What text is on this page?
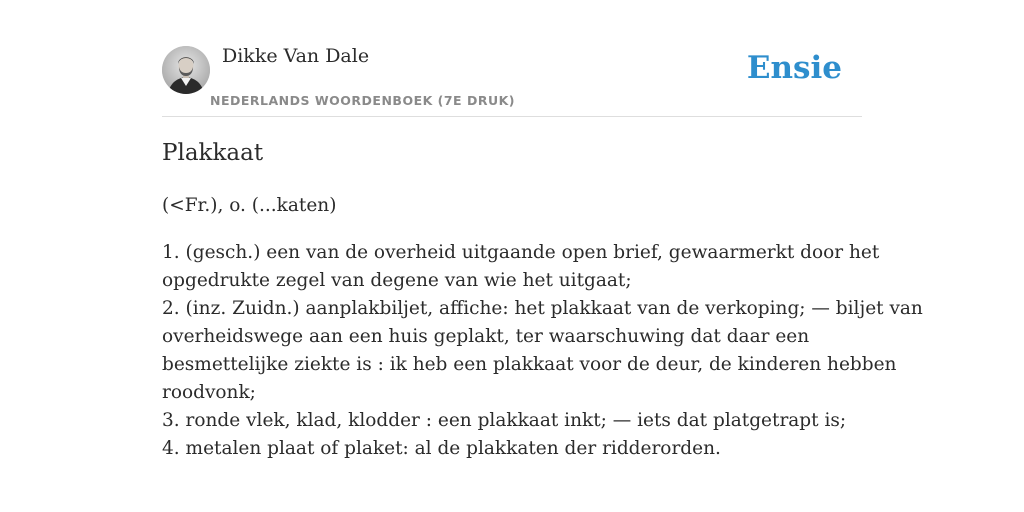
Dikke Van Dale
NEDERLANDS WOORDENBOEK (7E DRUK)
Ensie
Plakkaat
(<Fr.), o. (...katen)
1. (gesch.) een van de overheid uitgaande open brief, gewaarmerkt door het
opgedrukte zegel van degene van wie het uitgaat;
2. (inz. Zuidn.) aanplakbiljet, affiche: het plakkaat van de verkoping; — biljet van
overheidswege aan een huis geplakt, ter waarschuwing dat daar een
besmettelijke ziekte is : ik heb een plakkaat voor de deur, de kinderen hebben
roodvonk;
3. ronde vlek, klad, klodder : een plakkaat inkt; — iets dat platgetrapt is;
4. metalen plaat of plaket: al de plakkaten der ridderorden.
